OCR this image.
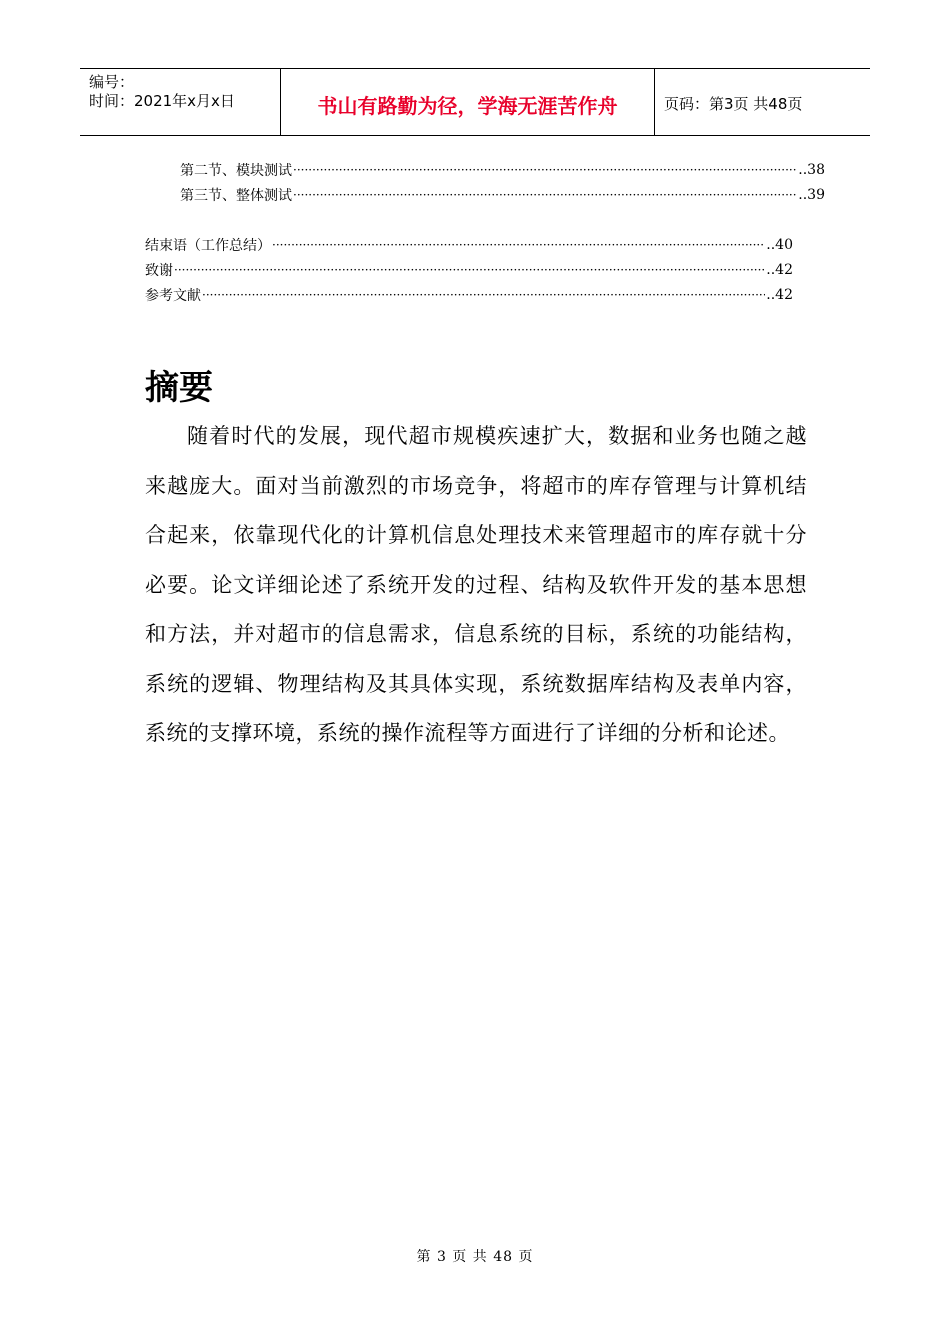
编号：
时间：2021年x月x日	书山有路勤为径，学海无涯苦作舟	页码：第3页 共48页
第二节、模块测试 ·····	..38
第三节、整体测试 ·····	..39
结束语（工作总结） ·····	..40
致谢 ·····	..42
参考文献 ·····	..42
摘要
随着时代的发展，现代超市规模疾速扩大，数据和业务也随之越来越庞大。面对当前激烈的市场竞争，将超市的库存管理与计算机结合起来，依靠现代化的计算机信息处理技术来管理超市的库存就十分必要。论文详细论述了系统开发的过程、结构及软件开发的基本思想和方法，并对超市的信息需求，信息系统的目标，系统的功能结构，系统的逻辑、物理结构及其具体实现，系统数据库结构及表单内容，系统的支撑环境，系统的操作流程等方面进行了详细的分析和论述。
第 3 页 共 48 页
